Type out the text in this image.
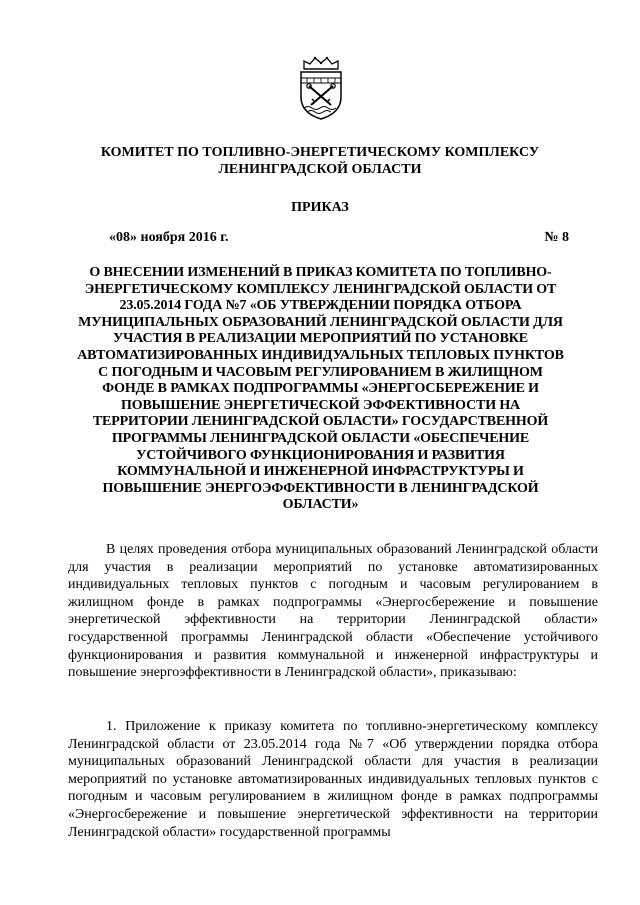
КОМИТЕТ ПО ТОПЛИВНО-ЭНЕРГЕТИЧЕСКОМУ КОМПЛЕКСУ ЛЕНИНГРАДСКОЙ ОБЛАСТИ

ПРИКАЗ

«08» ноября 2016 г.	№ 8

О ВНЕСЕНИИ ИЗМЕНЕНИЙ В ПРИКАЗ КОМИТЕТА ПО ТОПЛИВНО-ЭНЕРГЕТИЧЕСКОМУ КОМПЛЕКСУ ЛЕНИНГРАДСКОЙ ОБЛАСТИ ОТ 23.05.2014 ГОДА №7 «ОБ УТВЕРЖДЕНИИ ПОРЯДКА ОТБОРА МУНИЦИПАЛЬНЫХ ОБРАЗОВАНИЙ ЛЕНИНГРАДСКОЙ ОБЛАСТИ ДЛЯ УЧАСТИЯ В РЕАЛИЗАЦИИ МЕРОПРИЯТИЙ ПО УСТАНОВКЕ АВТОМАТИЗИРОВАННЫХ ИНДИВИДУАЛЬНЫХ ТЕПЛОВЫХ ПУНКТОВ С ПОГОДНЫМ И ЧАСОВЫМ РЕГУЛИРОВАНИЕМ В ЖИЛИЩНОМ ФОНДЕ В РАМКАХ ПОДПРОГРАММЫ «ЭНЕРГОСБЕРЕЖЕНИЕ И ПОВЫШЕНИЕ ЭНЕРГЕТИЧЕСКОЙ ЭФФЕКТИВНОСТИ НА ТЕРРИТОРИИ ЛЕНИНГРАДСКОЙ ОБЛАСТИ» ГОСУДАРСТВЕННОЙ ПРОГРАММЫ ЛЕНИНГРАДСКОЙ ОБЛАСТИ «ОБЕСПЕЧЕНИЕ УСТОЙЧИВОГО ФУНКЦИОНИРОВАНИЯ И РАЗВИТИЯ КОММУНАЛЬНОЙ И ИНЖЕНЕРНОЙ ИНФРАСТРУКТУРЫ И ПОВЫШЕНИЕ ЭНЕРГОЭФФЕКТИВНОСТИ В ЛЕНИНГРАДСКОЙ ОБЛАСТИ»

В целях проведения отбора муниципальных образований Ленинградской области для участия в реализации мероприятий по установке автоматизированных индивидуальных тепловых пунктов с погодным и часовым регулированием в жилищном фонде в рамках подпрограммы «Энергосбережение и повышение энергетической эффективности на территории Ленинградской области» государственной программы Ленинградской области «Обеспечение устойчивого функционирования и развития коммунальной и инженерной инфраструктуры и повышение энергоэффективности в Ленинградской области», приказываю:

1. Приложение к приказу комитета по топливно-энергетическому комплексу Ленинградской области от 23.05.2014 года №7 «Об утверждении порядка отбора муниципальных образований Ленинградской области для участия в реализации мероприятий по установке автоматизированных индивидуальных тепловых пунктов с погодным и часовым регулированием в жилищном фонде в рамках подпрограммы «Энергосбережение и повышение энергетической эффективности на территории Ленинградской области» государственной программы
